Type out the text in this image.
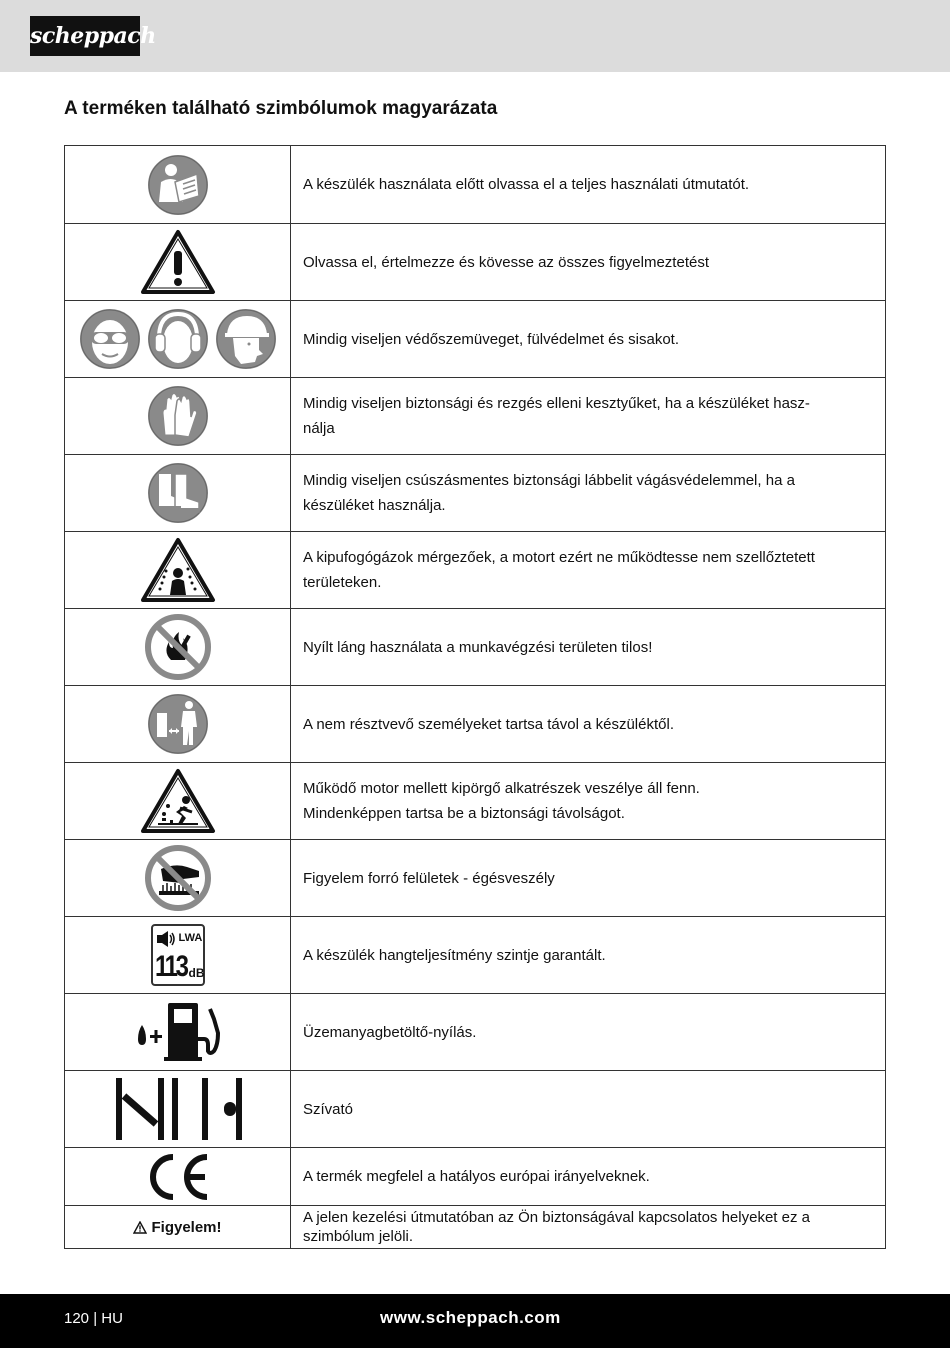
scheppach
A terméken található szimbólumok magyarázata
A készülék használata előtt olvassa el a teljes használati útmutatót.
Olvassa el, értelmezze és kövesse az összes figyelmeztetést
Mindig viseljen védőszemüveget, fülvédelmet és sisakot.
Mindig viseljen biztonsági és rezgés elleni kesztyűket, ha a készüléket hasz-
nálja
Mindig viseljen csúszásmentes biztonsági lábbelit vágásvédelemmel, ha a
készüléket használja.
A kipufogógázok mérgezőek, a motort ezért ne működtesse nem szellőztetett
területeken.
Nyílt láng használata a munkavégzési területen tilos!
A nem résztvevő személyeket tartsa távol a készüléktől.
Működő motor mellett kipörgő alkatrészek veszélye áll fenn.
Mindenképpen tartsa be a biztonsági távolságot.
Figyelem forró felületek - égésveszély
LWA
113 dB
A készülék hangteljesítmény szintje garantált.
Üzemanyagbetöltő-nyílás.
Szívató
A termék megfelel a hatályos európai irányelveknek.
Figyelem!
A jelen kezelési útmutatóban az Ön biztonságával kapcsolatos helyeket ez a
szimbólum jelöli.
120 | HU	www.scheppach.com
